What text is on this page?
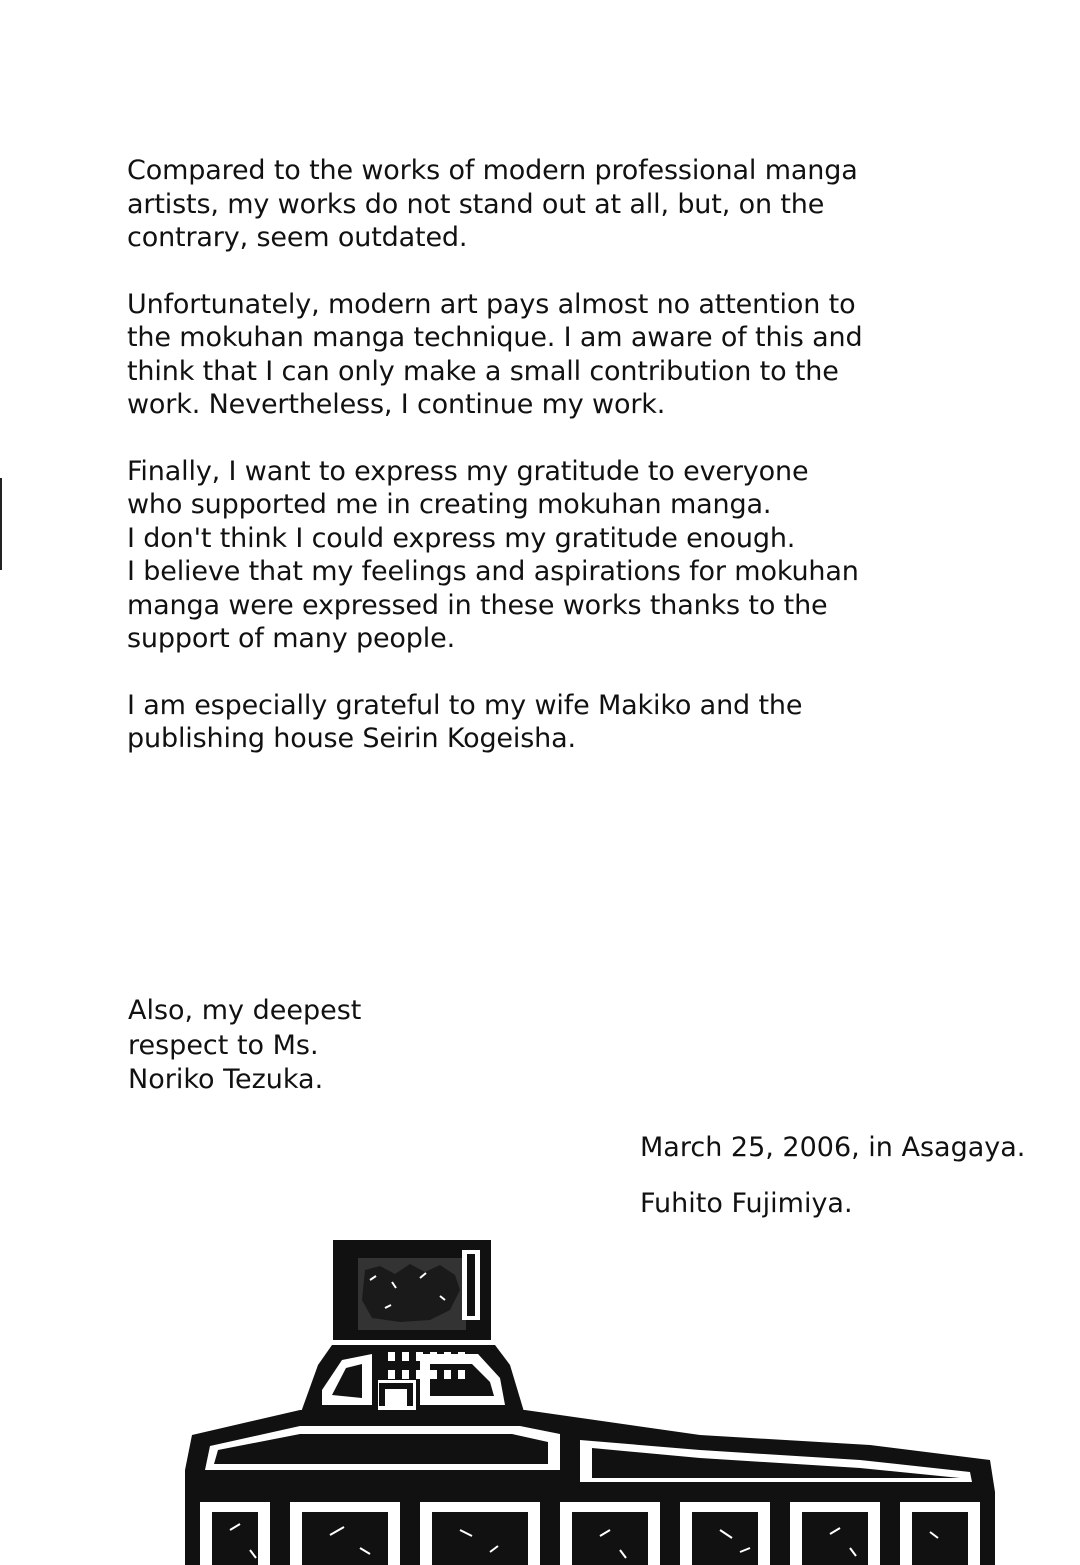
Compared to the works of modern professional manga
artists, my works do not stand out at all, but, on the
contrary, seem outdated.

Unfortunately, modern art pays almost no attention to
the mokuhan manga technique. I am aware of this and
think that I can only make a small contribution to the
work. Nevertheless, I continue my work.

Finally, I want to express my gratitude to everyone
who supported me in creating mokuhan manga.
I don't think I could express my gratitude enough.
I believe that my feelings and aspirations for mokuhan
manga were expressed in these works thanks to the
support of many people.

I am especially grateful to my wife Makiko and the
publishing house Seirin Kogeisha.

Also, my deepest
respect to Ms.
Noriko Tezuka.
March 25, 2006, in Asagaya.
Fuhito Fujimiya.
